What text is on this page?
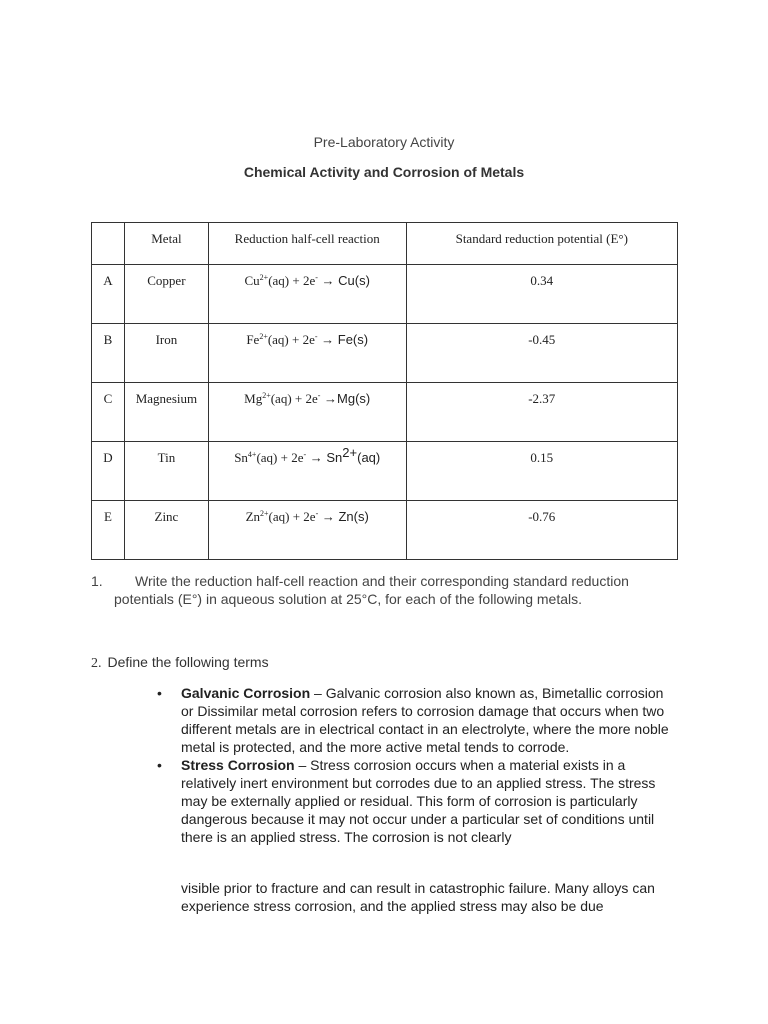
Pre-Laboratory Activity
Chemical Activity and Corrosion of Metals
	Metal	Reduction half-cell reaction	Standard reduction potential (E°)
A	Copper	$Cu^{2+}(aq) + 2e^- \to Cu(s)$	0.34
B	Iron	$Fe^{2+}(aq) + 2e^- \to Fe(s)$	-0.45
C	Magnesium	$Mg^{2+}(aq) + 2e^- \to Mg(s)$	-2.37
D	Tin	$Sn^{4+}(aq) + 2e^- \to Sn^{2+}(aq)$	0.15
E	Zinc	$Zn^{2+}(aq) + 2e^- \to Zn(s)$	-0.76
1. Write the reduction half-cell reaction and their corresponding standard reduction
potentials (E°) in aqueous solution at 25°C, for each of the following metals.
2. Define the following terms
• Galvanic Corrosion – Galvanic corrosion also known as, Bimetallic corrosion or Dissimilar metal corrosion refers to corrosion damage that occurs when two different metals are in electrical contact in an electrolyte, where the more noble metal is protected, and the more active metal tends to corrode.
• Stress Corrosion – Stress corrosion occurs when a material exists in a relatively inert environment but corrodes due to an applied stress. The stress may be externally applied or residual. This form of corrosion is particularly dangerous because it may not occur under a particular set of conditions until there is an applied stress. The corrosion is not clearly
visible prior to fracture and can result in catastrophic failure. Many alloys can experience stress corrosion, and the applied stress may also be due
